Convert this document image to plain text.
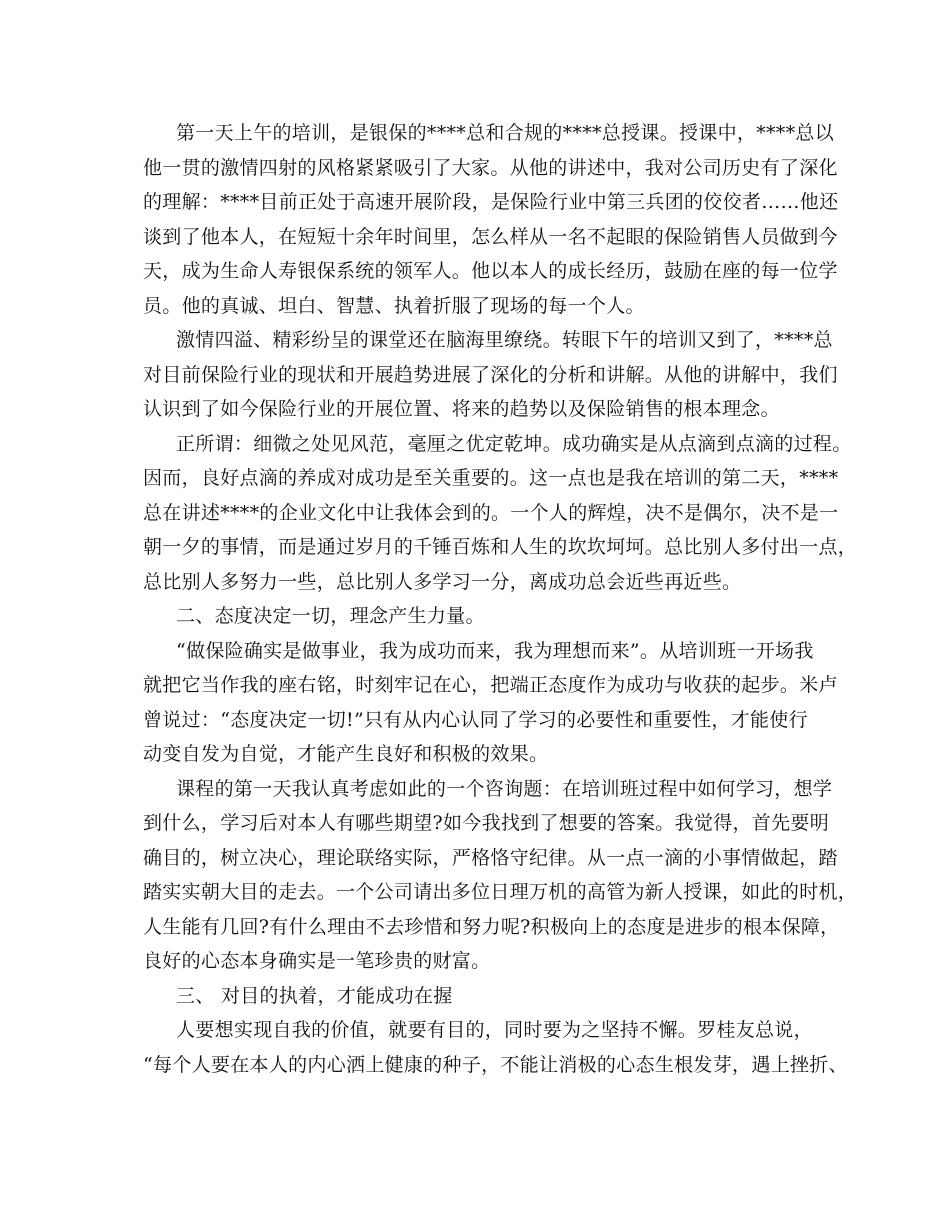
第一天上午的培训，是银保的****总和合规的****总授课。授课中，****总以
他一贯的激情四射的风格紧紧吸引了大家。从他的讲述中，我对公司历史有了深化
的理解：****目前正处于高速开展阶段，是保险行业中第三兵团的佼佼者……他还
谈到了他本人，在短短十余年时间里，怎么样从一名不起眼的保险销售人员做到今
天，成为生命人寿银保系统的领军人。他以本人的成长经历，鼓励在座的每一位学
员。他的真诚、坦白、智慧、执着折服了现场的每一个人。
激情四溢、精彩纷呈的课堂还在脑海里缭绕。转眼下午的培训又到了，****总
对目前保险行业的现状和开展趋势进展了深化的分析和讲解。从他的讲解中，我们
认识到了如今保险行业的开展位置、将来的趋势以及保险销售的根本理念。
正所谓：细微之处见风范，毫厘之优定乾坤。成功确实是从点滴到点滴的过程。
因而，良好点滴的养成对成功是至关重要的。这一点也是我在培训的第二天，****
总在讲述****的企业文化中让我体会到的。一个人的辉煌，决不是偶尔，决不是一
朝一夕的事情，而是通过岁月的千锤百炼和人生的坎坎坷坷。总比别人多付出一点，
总比别人多努力一些，总比别人多学习一分，离成功总会近些再近些。
二、态度决定一切，理念产生力量。
“做保险确实是做事业，我为成功而来，我为理想而来”。从培训班一开场我
就把它当作我的座右铭，时刻牢记在心，把端正态度作为成功与收获的起步。米卢
曾说过：“态度决定一切!”只有从内心认同了学习的必要性和重要性，才能使行
动变自发为自觉，才能产生良好和积极的效果。
课程的第一天我认真考虑如此的一个咨询题：在培训班过程中如何学习，想学
到什么，学习后对本人有哪些期望?如今我找到了想要的答案。我觉得，首先要明
确目的，树立决心，理论联络实际，严格恪守纪律。从一点一滴的小事情做起，踏
踏实实朝大目的走去。一个公司请出多位日理万机的高管为新人授课，如此的时机，
人生能有几回?有什么理由不去珍惜和努力呢?积极向上的态度是进步的根本保障，
良好的心态本身确实是一笔珍贵的财富。
三、 对目的执着，才能成功在握
人要想实现自我的价值，就要有目的，同时要为之坚持不懈。罗桂友总说，
“每个人要在本人的内心洒上健康的种子，不能让消极的心态生根发芽，遇上挫折、
